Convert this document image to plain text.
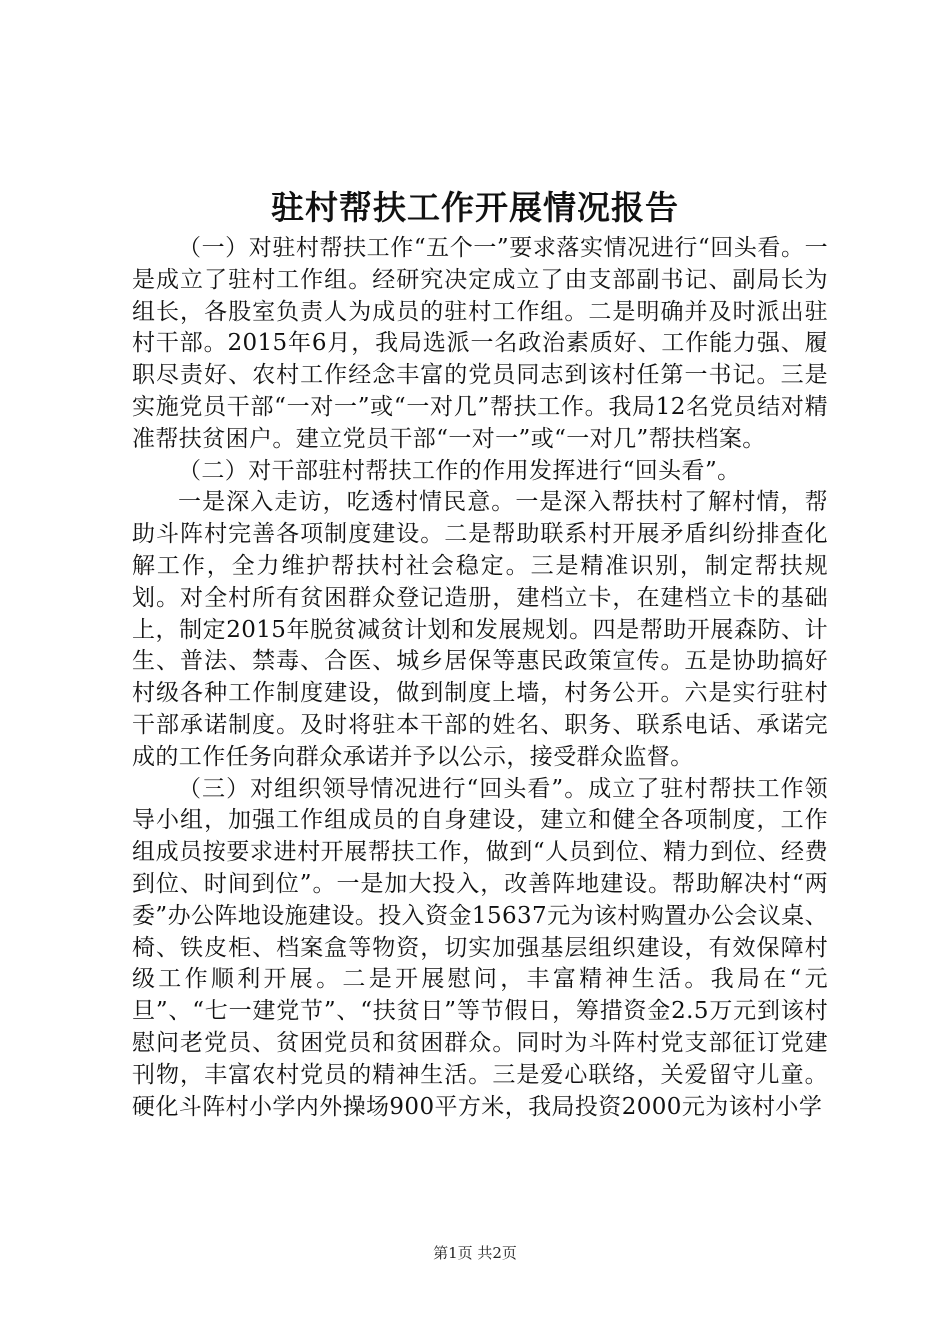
驻村帮扶工作开展情况报告

（一）对驻村帮扶工作“五个一”要求落实情况进行“回头看。一是成立了驻村工作组。经研究决定成立了由支部副书记、副局长为组长，各股室负责人为成员的驻村工作组。二是明确并及时派出驻村干部。2015年6月，我局选派一名政治素质好、工作能力强、履职尽责好、农村工作经念丰富的党员同志到该村任第一书记。三是实施党员干部“一对一”或“一对几”帮扶工作。我局12名党员结对精准帮扶贫困户。建立党员干部“一对一”或“一对几”帮扶档案。

（二）对干部驻村帮扶工作的作用发挥进行“回头看”。

一是深入走访，吃透村情民意。一是深入帮扶村了解村情，帮助斗阵村完善各项制度建设。二是帮助联系村开展矛盾纠纷排查化解工作，全力维护帮扶村社会稳定。三是精准识别，制定帮扶规划。对全村所有贫困群众登记造册，建档立卡，在建档立卡的基础上，制定2015年脱贫减贫计划和发展规划。四是帮助开展森防、计生、普法、禁毒、合医、城乡居保等惠民政策宣传。五是协助搞好村级各种工作制度建设，做到制度上墙，村务公开。六是实行驻村干部承诺制度。及时将驻本干部的姓名、职务、联系电话、承诺完成的工作任务向群众承诺并予以公示，接受群众监督。

（三）对组织领导情况进行“回头看”。成立了驻村帮扶工作领导小组，加强工作组成员的自身建设，建立和健全各项制度，工作组成员按要求进村开展帮扶工作，做到“人员到位、精力到位、经费到位、时间到位”。一是加大投入，改善阵地建设。帮助解决村“两委”办公阵地设施建设。投入资金15637元为该村购置办公会议桌、椅、铁皮柜、档案盒等物资，切实加强基层组织建设，有效保障村级工作顺利开展。二是开展慰问，丰富精神生活。我局在“元旦”、“七一建党节”、“扶贫日”等节假日，筹措资金2.5万元到该村慰问老党员、贫困党员和贫困群众。同时为斗阵村党支部征订党建刊物，丰富农村党员的精神生活。三是爱心联络，关爱留守儿童。硬化斗阵村小学内外操场900平方米，我局投资2000元为该村小学

第1页 共2页
